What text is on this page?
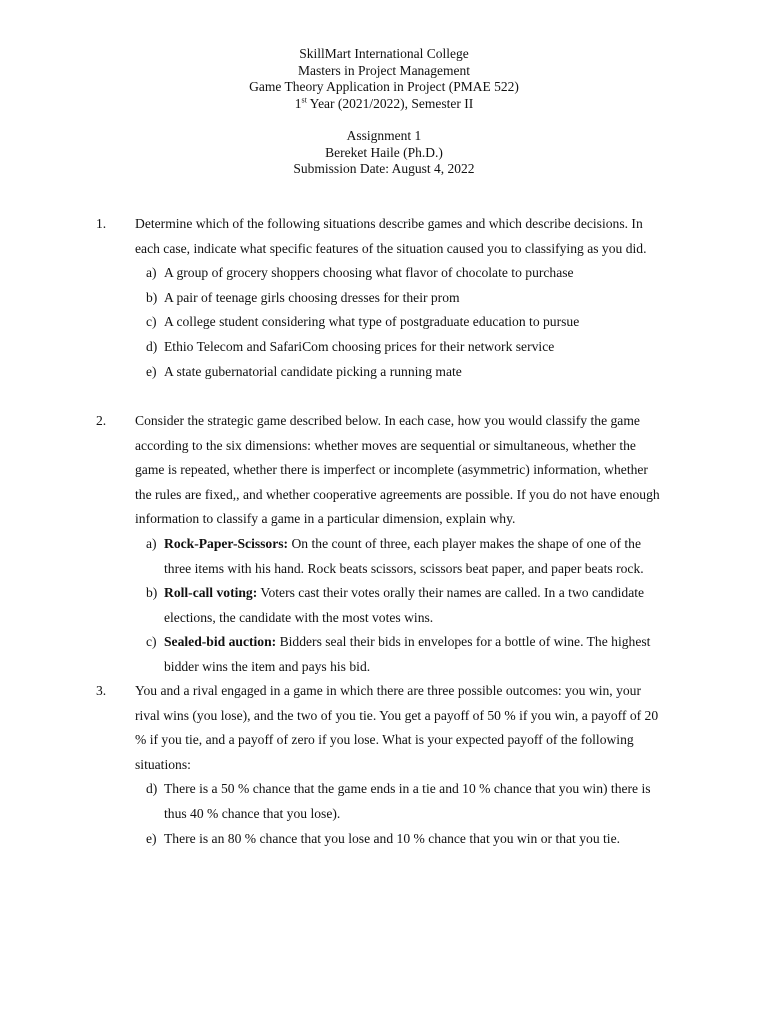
SkillMart International College
Masters in Project Management
Game Theory Application in Project (PMAE 522)
1st Year (2021/2022), Semester II
Assignment 1
Bereket Haile (Ph.D.)
Submission Date: August 4, 2022
1. Determine which of the following situations describe games and which describe decisions. In each case, indicate what specific features of the situation caused you to classifying as you did.
a) A group of grocery shoppers choosing what flavor of chocolate to purchase
b) A pair of teenage girls choosing dresses for their prom
c) A college student considering what type of postgraduate education to pursue
d) Ethio Telecom and SafariCom choosing prices for their network service
e) A state gubernatorial candidate picking a running mate
2. Consider the strategic game described below. In each case, how you would classify the game according to the six dimensions: whether moves are sequential or simultaneous, whether the game is repeated, whether there is imperfect or incomplete (asymmetric) information, whether the rules are fixed,, and whether cooperative agreements are possible. If you do not have enough information to classify a game in a particular dimension, explain why.
a) Rock-Paper-Scissors: On the count of three, each player makes the shape of one of the three items with his hand. Rock beats scissors, scissors beat paper, and paper beats rock.
b) Roll-call voting: Voters cast their votes orally their names are called. In a two candidate elections, the candidate with the most votes wins.
c) Sealed-bid auction: Bidders seal their bids in envelopes for a bottle of wine. The highest bidder wins the item and pays his bid.
3. You and a rival engaged in a game in which there are three possible outcomes: you win, your rival wins (you lose), and the two of you tie. You get a payoff of 50 % if you win, a payoff of 20 % if you tie, and a payoff of zero if you lose. What is your expected payoff of the following situations:
d) There is a 50 % chance that the game ends in a tie and 10 % chance that you win) there is thus 40 % chance that you lose).
e) There is an 80 % chance that you lose and 10 % chance that you win or that you tie.
